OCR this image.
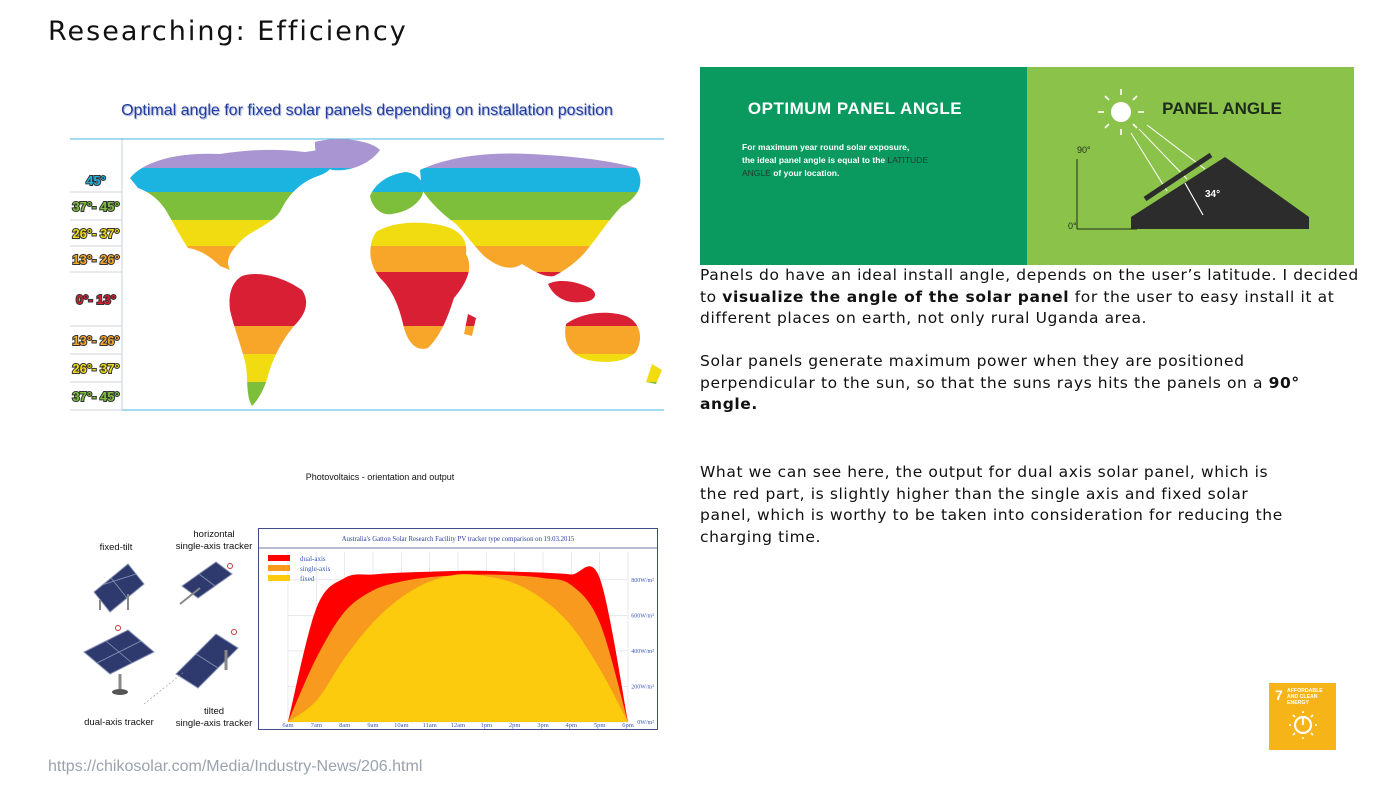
Researching: Efficiency
Optimal angle for fixed solar panels depending on installation position
45°
37°- 45°
26°- 37°
13°- 26°
0°- 13°
13°- 26°
26°- 37°
37°- 45°
Photovoltaics - orientation and output
fixed-tilt
horizontal
single-axis tracker
dual-axis tracker
tilted
single-axis tracker
Australia's Gatton Solar Research Facility PV tracker type comparison on 19.03.2015
0W/m²
200W/m²
400W/m²
600W/m²
800W/m²
dual-axis
single-axis
fixed
6am	7am	8am	9am 10am 11am 12am 1pm	2pm	3pm	4pm	5pm	6pm
OPTIMUM PANEL ANGLE
For maximum year round solar exposure,
the ideal panel angle is equal to the LATITUDE
ANGLE of your location.
90°
0°
34°
PANEL ANGLE
Panels do have an ideal install angle, depends on the user’s latitude. I decided to visualize the angle of the solar panel for the user to easy install it at different places on earth, not only rural Uganda area.
Solar panels generate maximum power when they are positioned perpendicular to the sun, so that the suns rays hits the panels on a 90° angle.
What we can see here, the output for dual axis solar panel, which is the red part, is slightly higher than the single axis and fixed solar panel, which is worthy to be taken into consideration for reducing the charging time.
https://chikosolar.com/Media/Industry-News/206.html
7 AFFORDABLE AND CLEAN ENERGY
